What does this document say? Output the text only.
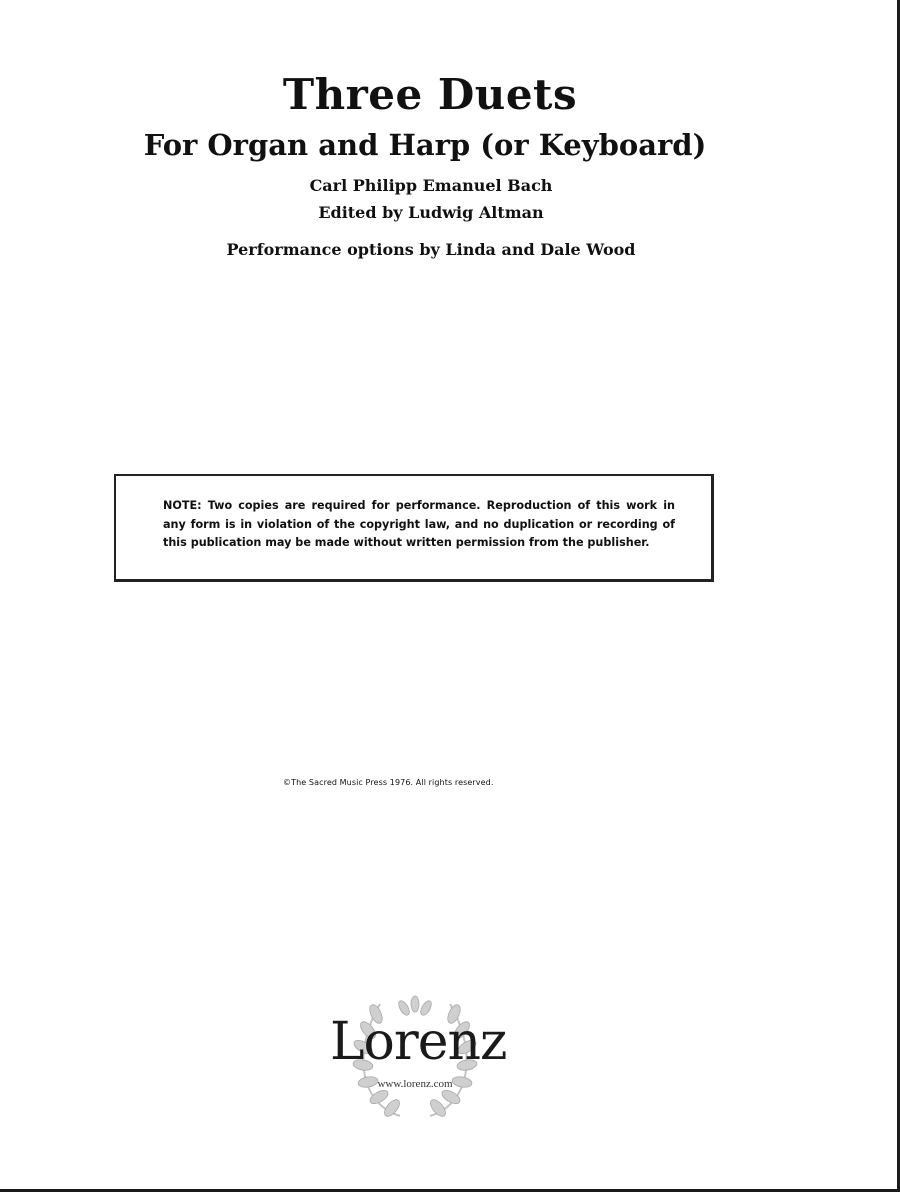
Three Duets
For Organ and Harp (or Keyboard)

Carl Philipp Emanuel Bach

Edited by Ludwig Altman

Performance options by Linda and Dale Wood

NOTE: Two copies are required for performance. Reproduction of this work in any form is in violation of the copyright law, and no duplication or recording of this publication may be made without written permission from the publisher.

©The Sacred Music Press 1976. All rights reserved.

Lorenz

www.lorenz.com
